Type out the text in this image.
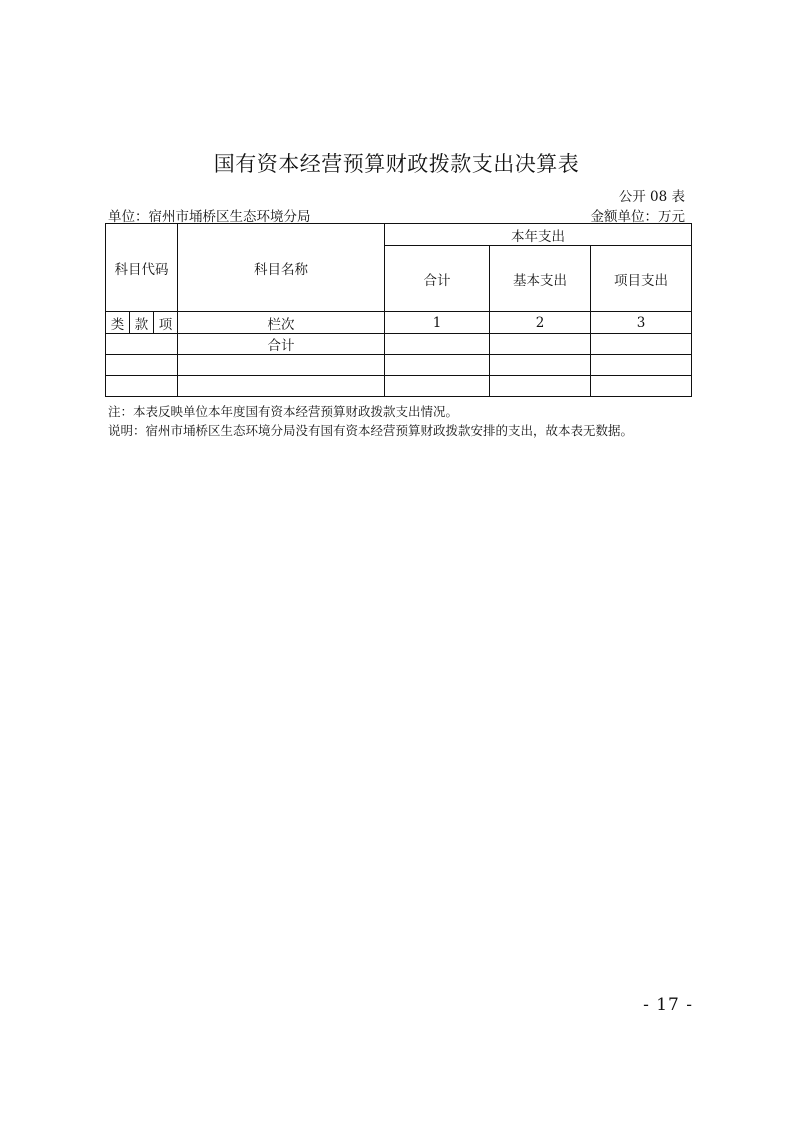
国有资本经营预算财政拨款支出决算表
公开 08 表
单位：宿州市埇桥区生态环境分局	金额单位：万元
科目代码			科目名称	本年支出		
				合计	基本支出	项目支出
类	款	项	栏次	1	2	3
			合计			

注：本表反映单位本年度国有资本经营预算财政拨款支出情况。
说明：宿州市埇桥区生态环境分局没有国有资本经营预算财政拨款安排的支出，故本表无数据。
- 17 -
